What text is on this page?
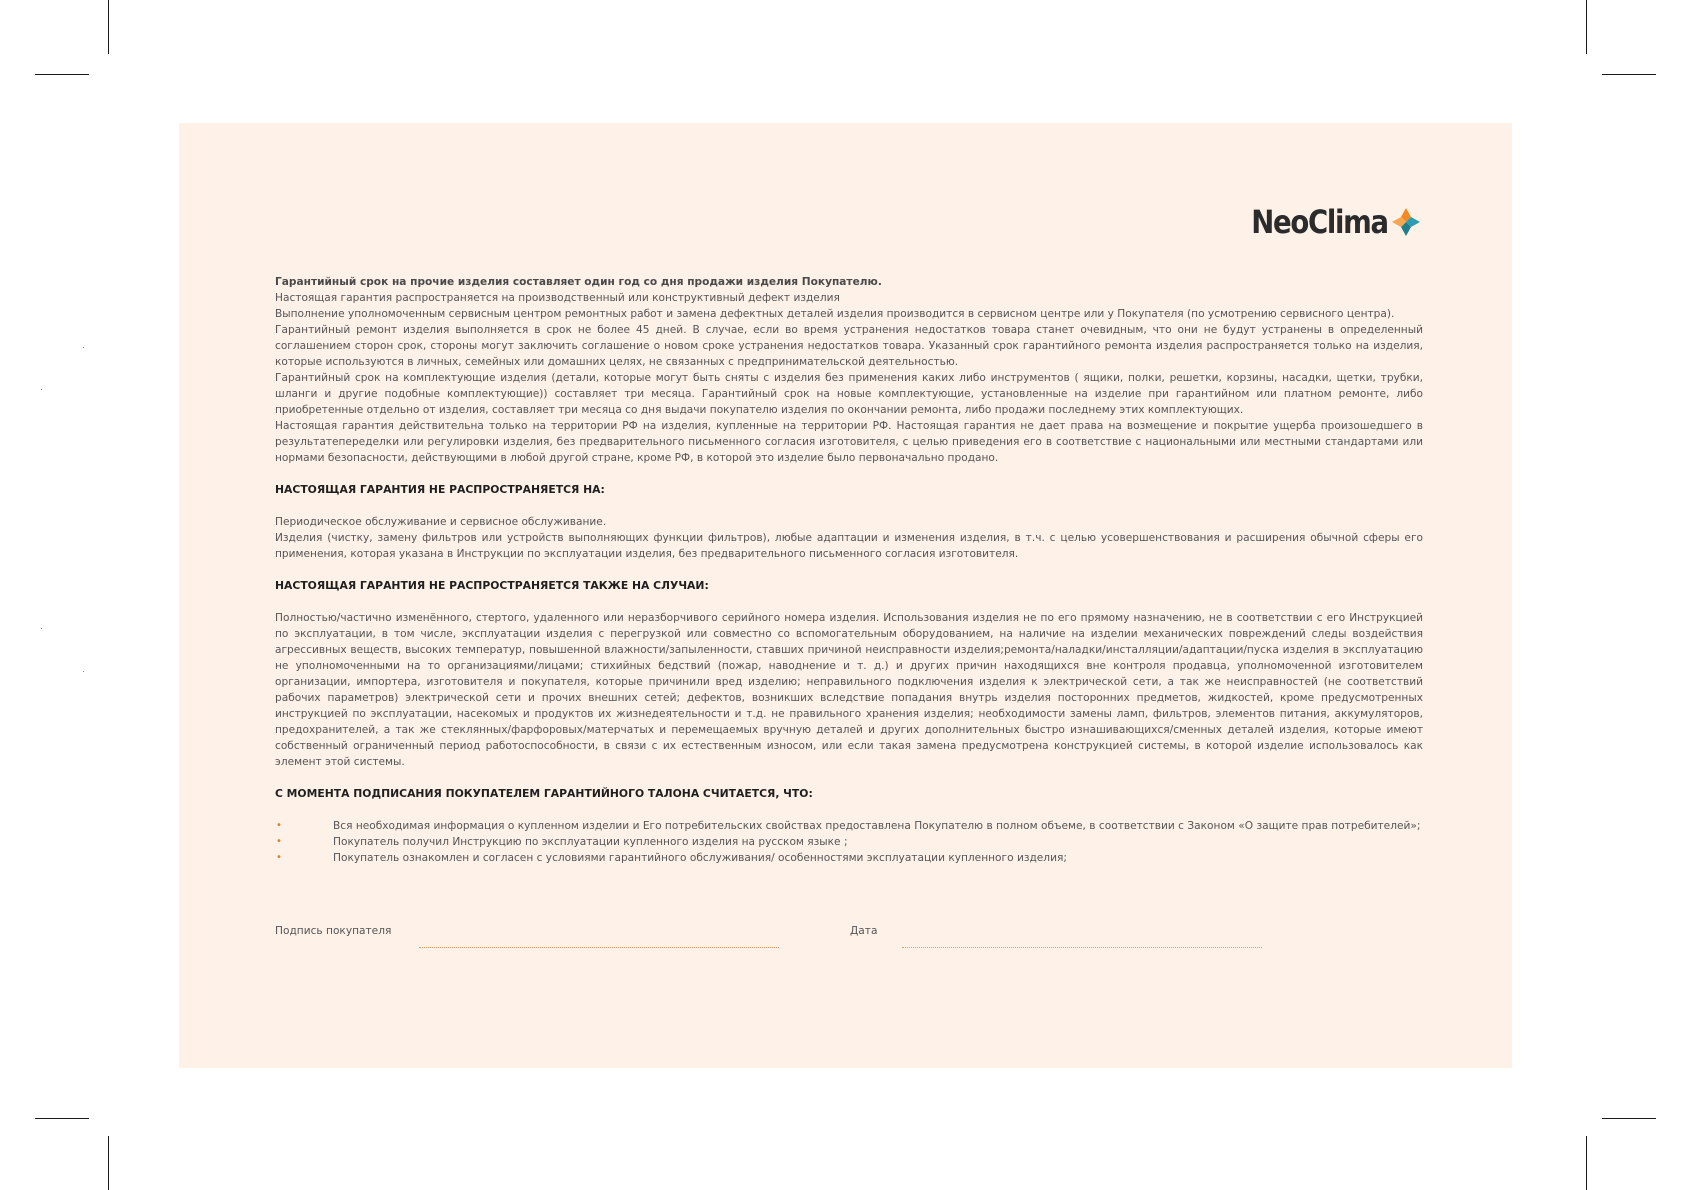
NeoClima

Гарантийный срок на прочие изделия составляет один год со дня продажи изделия Покупателю.

Настоящая гарантия распространяется на производственный или конструктивный дефект изделия

Выполнение уполномоченным сервисным центром ремонтных работ и замена дефектных деталей изделия производится в сервисном центре или у Покупателя (по усмотрению сервисного центра).

Гарантийный ремонт изделия выполняется в срок не более 45 дней. В случае, если во время устранения недостатков товара станет очевидным, что они не будут устранены в определенный соглашением сторон срок, стороны могут заключить соглашение о новом сроке устранения недостатков товара. Указанный срок гарантийного ремонта изделия распространяется только на изделия, которые используются в личных, семейных или домашних целях, не связанных с предпринимательской деятельностью.

Гарантийный срок на комплектующие изделия (детали, которые могут быть сняты с изделия без применения каких либо инструментов ( ящики, полки, решетки, корзины, насадки, щетки, трубки, шланги и другие подобные комплектующие)) составляет три месяца. Гарантийный срок на новые комплектующие, установленные на изделие при гарантийном или платном ремонте, либо приобретенные отдельно от изделия, составляет три месяца со дня выдачи покупателю изделия по окончании ремонта, либо продажи последнему этих комплектующих.

Настоящая гарантия действительна только на территории РФ на изделия, купленные на территории РФ. Настоящая гарантия не дает права на возмещение и покрытие ущерба произошедшего в результатепеределки или регулировки изделия, без предварительного письменного согласия изготовителя, с целью приведения его в соответствие с национальными или местными стандартами или нормами безопасности, действующими в любой другой стране, кроме РФ, в которой это изделие было первоначально продано.

НАСТОЯЩАЯ ГАРАНТИЯ НЕ РАСПРОСТРАНЯЕТСЯ НА:

Периодическое обслуживание и сервисное обслуживание.

Изделия (чистку, замену фильтров или устройств выполняющих функции фильтров), любые адаптации и изменения изделия, в т.ч. с целью усовершенствования и расширения обычной сферы его применения, которая указана в Инструкции по эксплуатации изделия, без предварительного письменного согласия изготовителя.

НАСТОЯЩАЯ ГАРАНТИЯ НЕ РАСПРОСТРАНЯЕТСЯ ТАКЖЕ НА СЛУЧАИ:

Полностью/частично изменённого, стертого, удаленного или неразборчивого серийного номера изделия. Использования изделия не по его прямому назначению, не в соответствии с его Инструкцией по эксплуатации, в том числе, эксплуатации изделия с перегрузкой или совместно со вспомогательным оборудованием, на наличие на изделии механических повреждений следы воздействия агрессивных веществ, высоких температур, повышенной влажности/запыленности, ставших причиной неисправности изделия;ремонта/наладки/инсталляции/адаптации/пуска изделия в эксплуатацию не уполномоченными на то организациями/лицами; стихийных бедствий (пожар, наводнение и т. д.) и других причин находящихся вне контроля продавца, уполномоченной изготовителем организации, импортера, изготовителя и покупателя, которые причинили вред изделию; неправильного подключения изделия к электрической сети, а так же неисправностей (не соответствий рабочих параметров) электрической сети и прочих внешних сетей; дефектов, возникших вследствие попадания внутрь изделия посторонних предметов, жидкостей, кроме предусмотренных инструкцией по эксплуатации, насекомых и продуктов их жизнедеятельности и т.д. не правильного хранения изделия; необходимости замены ламп, фильтров, элементов питания, аккумуляторов, предохранителей, а так же стеклянных/фарфоровых/матерчатых и перемещаемых вручную деталей и других дополнительных быстро изнашивающихся/сменных деталей изделия, которые имеют собственный ограниченный период работоспособности, в связи с их естественным износом, или если такая замена предусмотрена конструкцией системы, в которой изделие использовалось как элемент этой системы.

С МОМЕНТА ПОДПИСАНИЯ ПОКУПАТЕЛЕМ ГАРАНТИЙНОГО ТАЛОНА СЧИТАЕТСЯ, ЧТО:
•	Вся необходимая информация о купленном изделии и Его потребительских свойствах предоставлена Покупателю в полном объеме, в соответствии с Законом «О защите прав потребителей»;
•	Покупатель получил Инструкцию по эксплуатации купленного изделия на русском языке ;
•	Покупатель ознакомлен и согласен с условиями гарантийного обслуживания/ особенностями эксплуатации купленного изделия;
Подпись покупателя	Дата
